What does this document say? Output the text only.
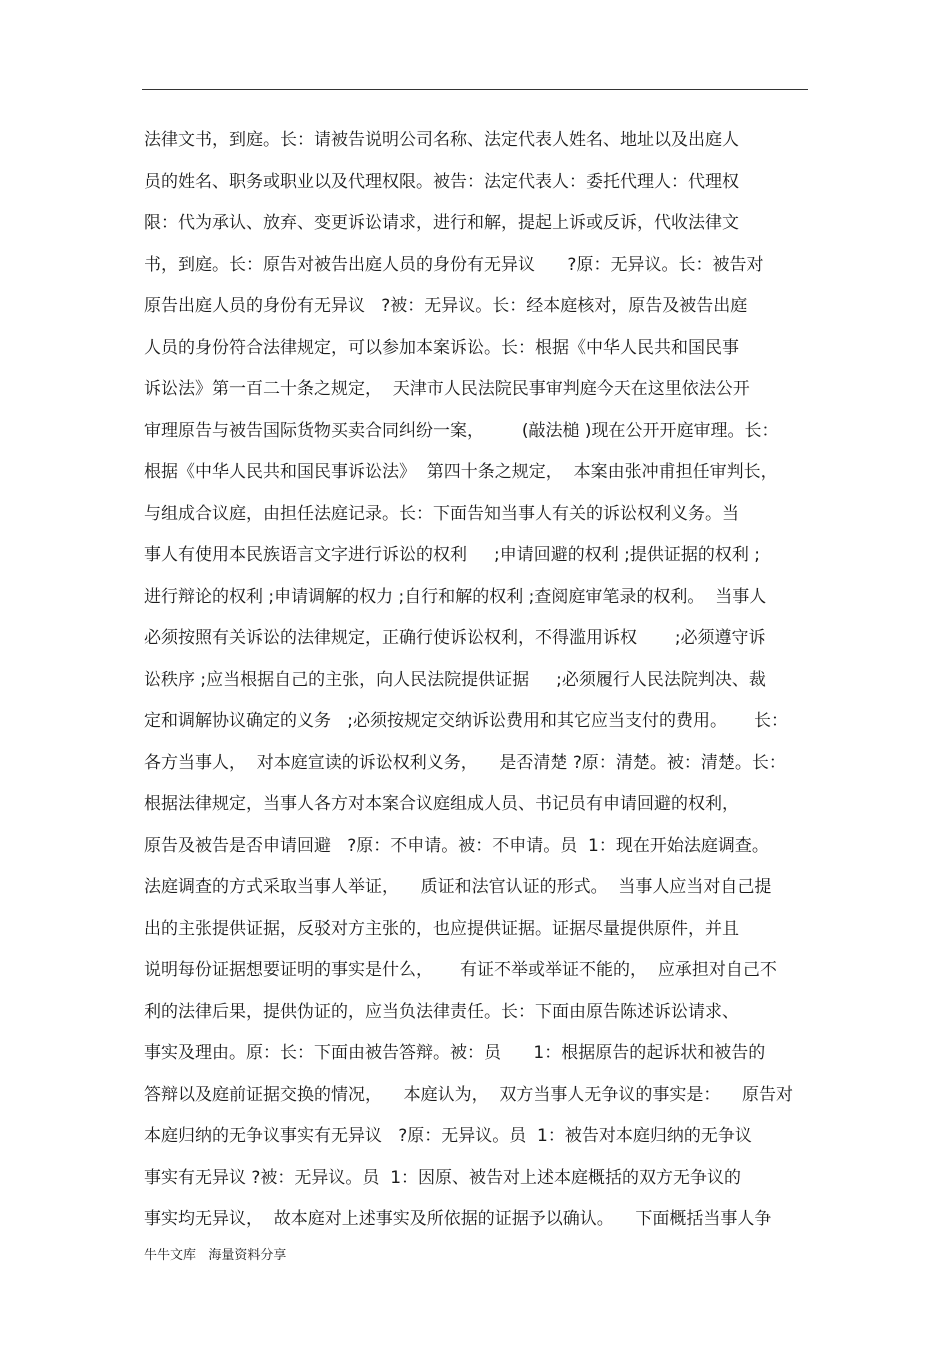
法律文书，到庭。长：请被告说明公司名称、法定代表人姓名、地址以及出庭人
员的姓名、职务或职业以及代理权限。被告：法定代表人：委托代理人：代理权
限：代为承认、放弃、变更诉讼请求，进行和解，提起上诉或反诉，代收法律文
书，到庭。长：原告对被告出庭人员的身份有无异议      ?原：无异议。长：被告对
原告出庭人员的身份有无异议   ?被：无异议。长：经本庭核对，原告及被告出庭
人员的身份符合法律规定，可以参加本案诉讼。长：根据《中华人民共和国民事
诉讼法》第一百二十条之规定，  天津市人民法院民事审判庭今天在这里依法公开
审理原告与被告国际货物买卖合同纠纷一案，       (敲法槌 )现在公开开庭审理。长：
根据《中华人民共和国民事诉讼法》  第四十条之规定，  本案由张冲甫担任审判长，
与组成合议庭，由担任法庭记录。长：下面告知当事人有关的诉讼权利义务。当
事人有使用本民族语言文字进行诉讼的权利     ;申请回避的权利 ;提供证据的权利 ;
进行辩论的权利 ;申请调解的权力 ;自行和解的权利 ;查阅庭审笔录的权利。  当事人
必须按照有关诉讼的法律规定，正确行使诉讼权利，不得滥用诉权       ;必须遵守诉
讼秩序 ;应当根据自己的主张，向人民法院提供证据     ;必须履行人民法院判决、裁
定和调解协议确定的义务   ;必须按规定交纳诉讼费用和其它应当支付的费用。     长：
各方当事人，  对本庭宣读的诉讼权利义务，    是否清楚 ?原：清楚。被：清楚。长：
根据法律规定，当事人各方对本案合议庭组成人员、书记员有申请回避的权利，
原告及被告是否申请回避   ?原：不申请。被：不申请。员  1：现在开始法庭调查。
法庭调查的方式采取当事人举证，    质证和法官认证的形式。  当事人应当对自己提
出的主张提供证据，反驳对方主张的，也应提供证据。证据尽量提供原件，并且
说明每份证据想要证明的事实是什么，     有证不举或举证不能的，  应承担对自己不
利的法律后果，提供伪证的，应当负法律责任。长：下面由原告陈述诉讼请求、
事实及理由。原：长：下面由被告答辩。被：员      1：根据原告的起诉状和被告的
答辩以及庭前证据交换的情况，    本庭认为，  双方当事人无争议的事实是：    原告对
本庭归纳的无争议事实有无异议   ?原：无异议。员  1：被告对本庭归纳的无争议
事实有无异议 ?被：无异议。员  1：因原、被告对上述本庭概括的双方无争议的
事实均无异议，  故本庭对上述事实及所依据的证据予以确认。    下面概括当事人争
牛牛文库   海量资料分享
